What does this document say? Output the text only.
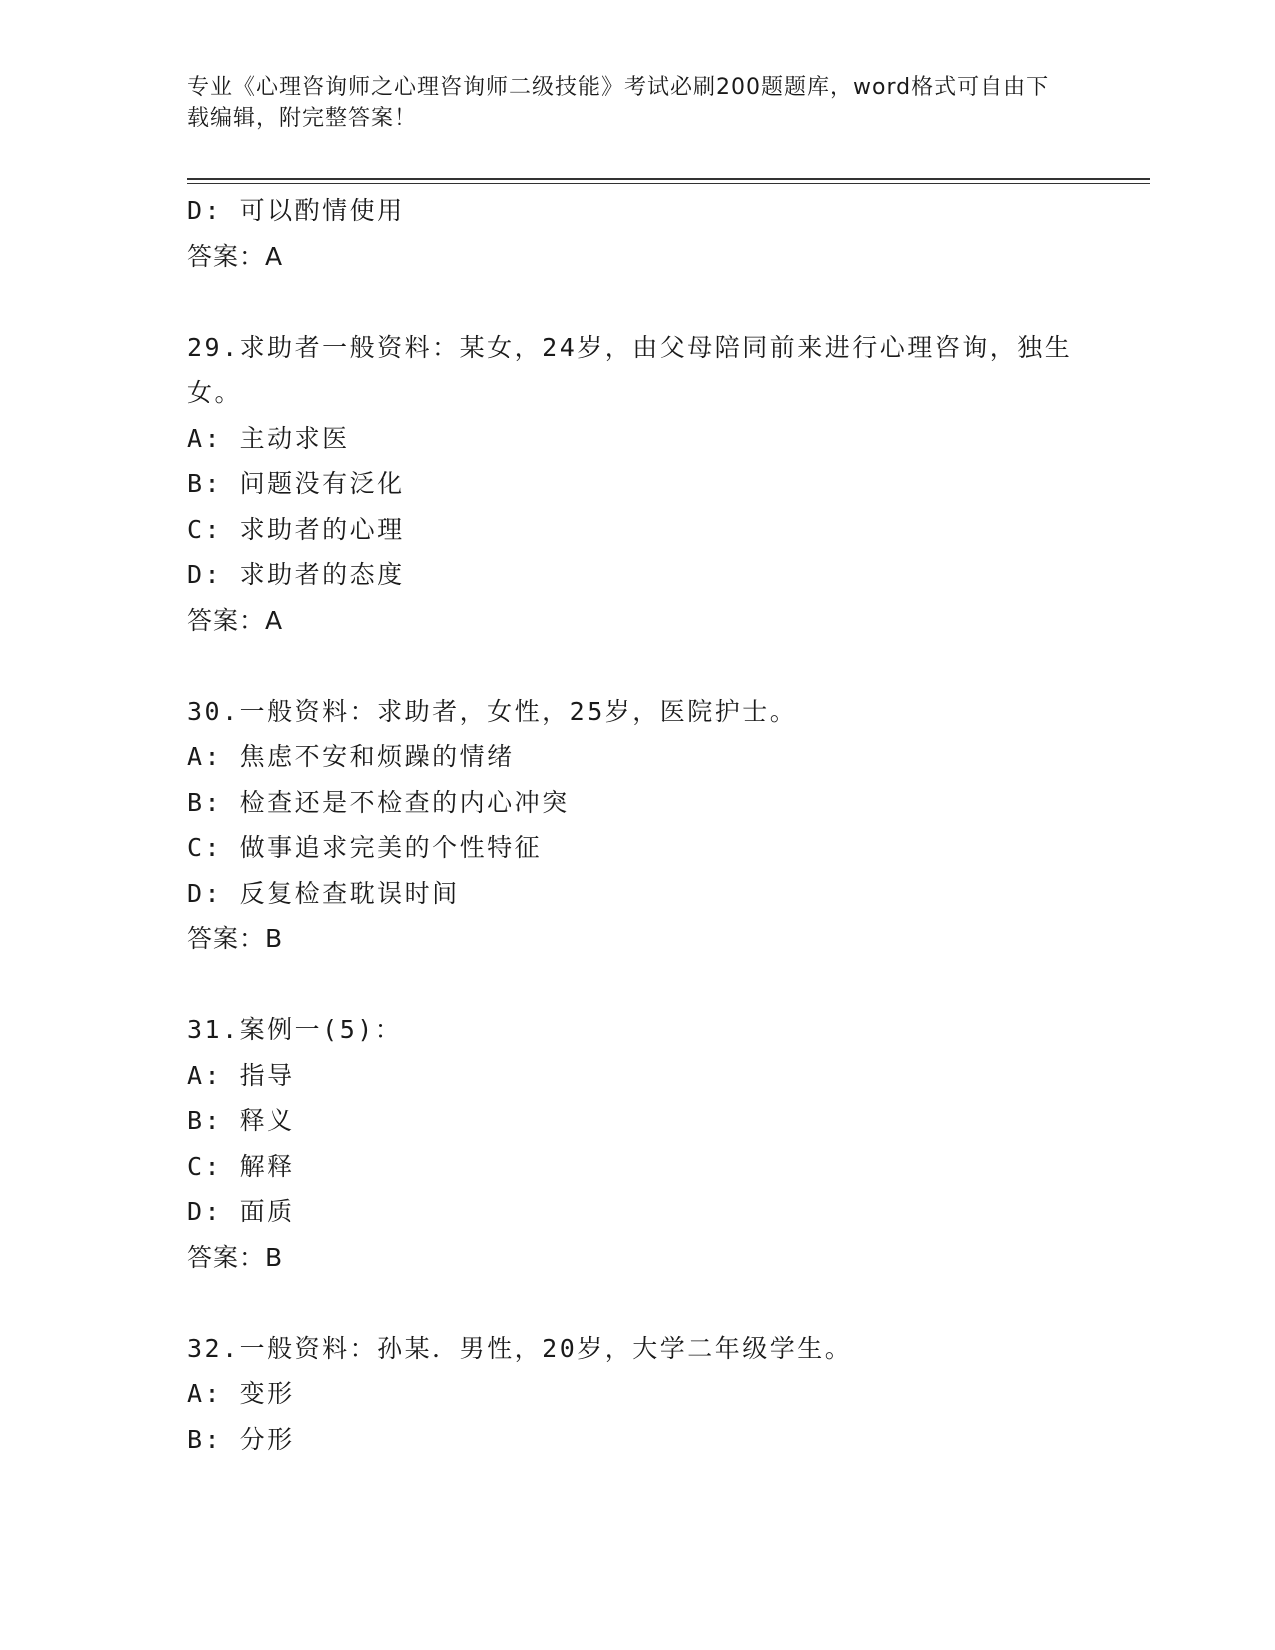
专业《心理咨询师之心理咨询师二级技能》考试必刷200题题库，word格式可自由下载编辑，附完整答案！
D: 可以酌情使用
答案：A
29.求助者一般资料：某女，24岁，由父母陪同前来进行心理咨询，独生女。
A: 主动求医
B: 问题没有泛化
C: 求助者的心理
D: 求助者的态度
答案：A
30.一般资料：求助者，女性，25岁，医院护士。
A: 焦虑不安和烦躁的情绪
B: 检查还是不检查的内心冲突
C: 做事追求完美的个性特征
D: 反复检查耽误时间
答案：B
31.案例一(5)：
A: 指导
B: 释义
C: 解释
D: 面质
答案：B
32.一般资料：孙某．男性，20岁，大学二年级学生。
A: 变形
B: 分形
